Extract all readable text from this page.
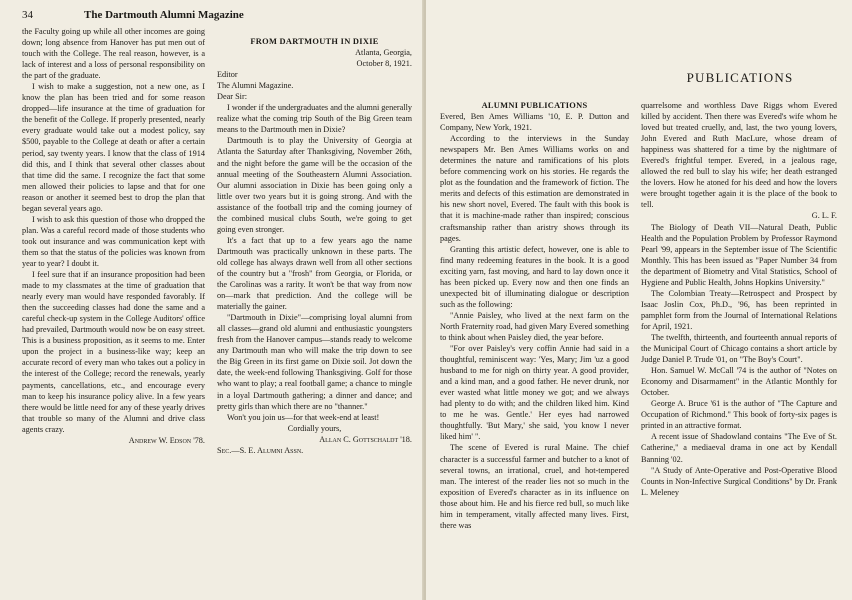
34	The Dartmouth Alumni Magazine

the Faculty going up while all other incomes are going down; long absence from Hanover has put men out of touch with the College. The real reason, however, is a lack of interest and a loss of personal responsibility on the part of the graduate.

I wish to make a suggestion, not a new one, as I know the plan has been tried and for some reason dropped—life insurance at the time of graduation for the benefit of the College. If properly presented, nearly every graduate would take out a modest policy, say $500, payable to the College at death or after a certain period, say twenty years. I know that the class of 1914 did this, and I think that several other classes about that time did the same. I recognize the fact that some men allowed their policies to lapse and that for one reason or another it seemed best to drop the plan that began several years ago.

I wish to ask this question of those who dropped the plan. Was a careful record made of those students who took out insurance and was communication kept with them so that the status of the policies was known from year to year? I doubt it.

I feel sure that if an insurance proposition had been made to my classmates at the time of graduation that nearly every man would have responded favorably. If then the succeeding classes had done the same and a careful check-up system in the College Auditors' office had prevailed, Dartmouth would now be on easy street. This is a business proposition, as it seems to me. Enter upon the project in a business-like way; keep an accurate record of every man who takes out a policy in the interest of the College; record the renewals, yearly payments, cancellations, etc., and encourage every man to keep his insurance policy alive. In a few years there would be little need for any of these yearly drives that trouble so many of the Alumni and drive class agents crazy.

Andrew W. Edson '78.

FROM DARTMOUTH IN DIXIE

Atlanta, Georgia,

October 8, 1921.

Editor

The Alumni Magazine.

Dear Sir:

I wonder if the undergraduates and the alumni generally realize what the coming trip South of the Big Green team means to the Dartmouth men in Dixie?

Dartmouth is to play the University of Georgia at Atlanta the Saturday after Thanksgiving, November 26th, and the night before the game will be the occasion of the annual meeting of the Southeastern Alumni Association. Our alumni association in Dixie has been going only a little over two years but it is going strong. And with the assistance of the football trip and the coming journey of the combined musical clubs South, we're going to get going even stronger.

It's a fact that up to a few years ago the name Dartmouth was practically unknown in these parts. The old college has always drawn well from all other sections of the country but a "frosh" from Georgia, or Florida, or the Carolinas was a rarity. It won't be that way from now on—mark that prediction. And the college will be materially the gainer.

"Dartmouth in Dixie"—comprising loyal alumni from all classes—grand old alumni and enthusiastic youngsters fresh from the Hanover campus—stands ready to welcome any Dartmouth man who will make the trip down to see the Big Green in its first game on Dixie soil. Jot down the date, the week-end following Thanksgiving. Golf for those who want to play; a real football game; a chance to mingle in a loyal Dartmouth gathering; a dinner and dance; and pretty girls than which there are no "thanner."

Won't you join us—for that week-end at least!

Cordially yours,

Allan C. Gottschaldt '18.

Sec.—S. E. Alumni Assn.

PUBLICATIONS

ALUMNI PUBLICATIONS

Evered, Ben Ames Williams '10, E. P. Dutton and Company, New York, 1921.

According to the interviews in the Sunday newspapers Mr. Ben Ames Williams works on and determines the nature and ramifications of his plots before commencing work on his stories. He regards the plot as the foundation and the framework of fiction. The merits and defects of this estimation are demonstrated in his new short novel, Evered. The fault with this book is that it is machine-made rather than inspired; conscious craftsmanship rather than aristry shows through its pages.

Granting this artistic defect, however, one is able to find many redeeming features in the book. It is a good exciting yarn, fast moving, and hard to lay down once it has been picked up. Every now and then one finds an unexpected bit of illuminating dialogue or description such as the following:

"Annie Paisley, who lived at the next farm on the North Fraternity road, had given Mary Evered something to think about when Paisley died, the year before.

"For over Paisley's very coffin Annie had said in a thoughtful, reminiscent way: 'Yes, Mary; Jim 'uz a good husband to me for nigh on thirty year. A good provider, and a kind man, and a good father. He never drunk, nor ever wasted what little money we got; and we always had plenty to do with; and the children liked him. Kind to me he was. Gentle.' Her eyes had narrowed thoughtfully. 'But Mary,' she said, 'you know I never liked him' ".

The scene of Evered is rural Maine. The chief character is a successful farmer and butcher to a knot of several towns, an irrational, cruel, and hot-tempered man. The interest of the reader lies not so much in the exposition of Evered's character as in its influence on those about him. He and his fierce red bull, so much like him in temperament, vitally affected many lives. First, there was

quarrelsome and worthless Dave Riggs whom Evered killed by accident. Then there was Evered's wife whom he loved but treated cruelly, and, last, the two young lovers, John Evered and Ruth MacLure, whose dream of happiness was shattered for a time by the nightmare of Evered's frightful temper. Evered, in a jealous rage, allowed the red bull to slay his wife; her death estranged the lovers. How he atoned for his deed and how the lovers were brought together again it is the place of the book to tell.

G. L. F.

The Biology of Death VII—Natural Death, Public Health and the Population Problem by Professor Raymond Pearl '99, appears in the September issue of The Scientific Monthly. This has been issued as "Paper Number 34 from the department of Biometry and Vital Statistics, School of Hygiene and Public Health, Johns Hopkins University."

The Colombian Treaty—Retrospect and Prospect by Isaac Joslin Cox, Ph.D., '96, has been reprinted in pamphlet form from the Journal of International Relations for April, 1921.

The twelfth, thirteenth, and fourteenth annual reports of the Municipal Court of Chicago contains a short article by Judge Daniel P. Trude '01, on "The Boy's Court".

Hon. Samuel W. McCall '74 is the author of "Notes on Economy and Disarmament" in the Atlantic Monthly for October.

George A. Bruce '61 is the author of "The Capture and Occupation of Richmond." This book of forty-six pages is printed in an attractive format.

A recent issue of Shadowland contains "The Eve of St. Catherine," a mediaeval drama in one act by Kendall Banning '02.

"A Study of Ante-Operative and Post-Operative Blood Counts in Non-Infective Surgical Conditions" by Dr. Frank L. Meleney
